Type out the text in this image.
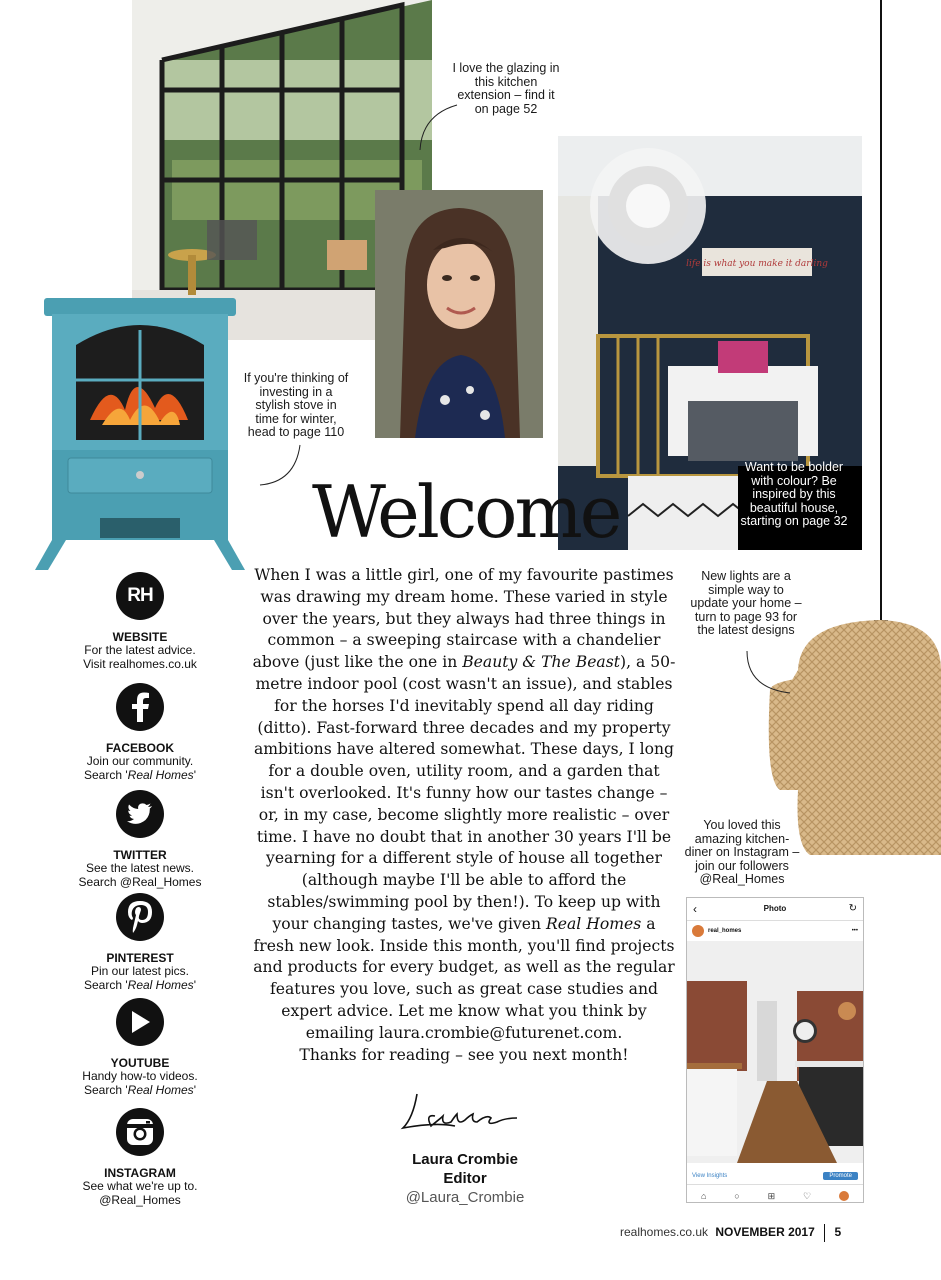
I love the glazing in this kitchen extension – find it on page 52
life is what you make it darling
Want to be bolder with colour? Be inspired by this beautiful house, starting on page 32
If you're thinking of investing in a stylish stove in time for winter, head to page 110
Welcome

When I was a little girl, one of my favourite pastimes was drawing my dream home. These varied in style over the years, but they always had three things in common – a sweeping staircase with a chandelier above (just like the one in Beauty & The Beast), a 50-metre indoor pool (cost wasn't an issue), and stables for the horses I'd inevitably spend all day riding (ditto). Fast-forward three decades and my property ambitions have altered somewhat. These days, I long for a double oven, utility room, and a garden that isn't overlooked. It's funny how our tastes change – or, in my case, become slightly more realistic – over time. I have no doubt that in another 30 years I'll be yearning for a different style of house all together (although maybe I'll be able to afford the stables/swimming pool by then!). To keep up with your changing tastes, we've given Real Homes a fresh new look. Inside this month, you'll find projects and products for every budget, as well as the regular features you love, such as great case studies and expert advice. Let me know what you think by emailing laura.crombie@futurenet.com.

Thanks for reading – see you next month!

Laura Crombie
Editor
@Laura_Crombie
RH
WEBSITE
For the latest advice.
Visit realhomes.co.uk
FACEBOOK
Join our community.
Search 'Real Homes'
TWITTER
See the latest news.
Search @Real_Homes
PINTEREST
Pin our latest pics.
Search 'Real Homes'
YOUTUBE
Handy how-to videos.
Search 'Real Homes'
INSTAGRAM
See what we're up to.
@Real_Homes
New lights are a simple way to update your home – turn to page 93 for the latest designs
You loved this amazing kitchen-diner on Instagram – join our followers @Real_Homes
‹	Photo	↻
real_homes	•••
View Insights	Promote
⌂	○	⊞	♡
realhomes.co.uk NOVEMBER 2017 5
